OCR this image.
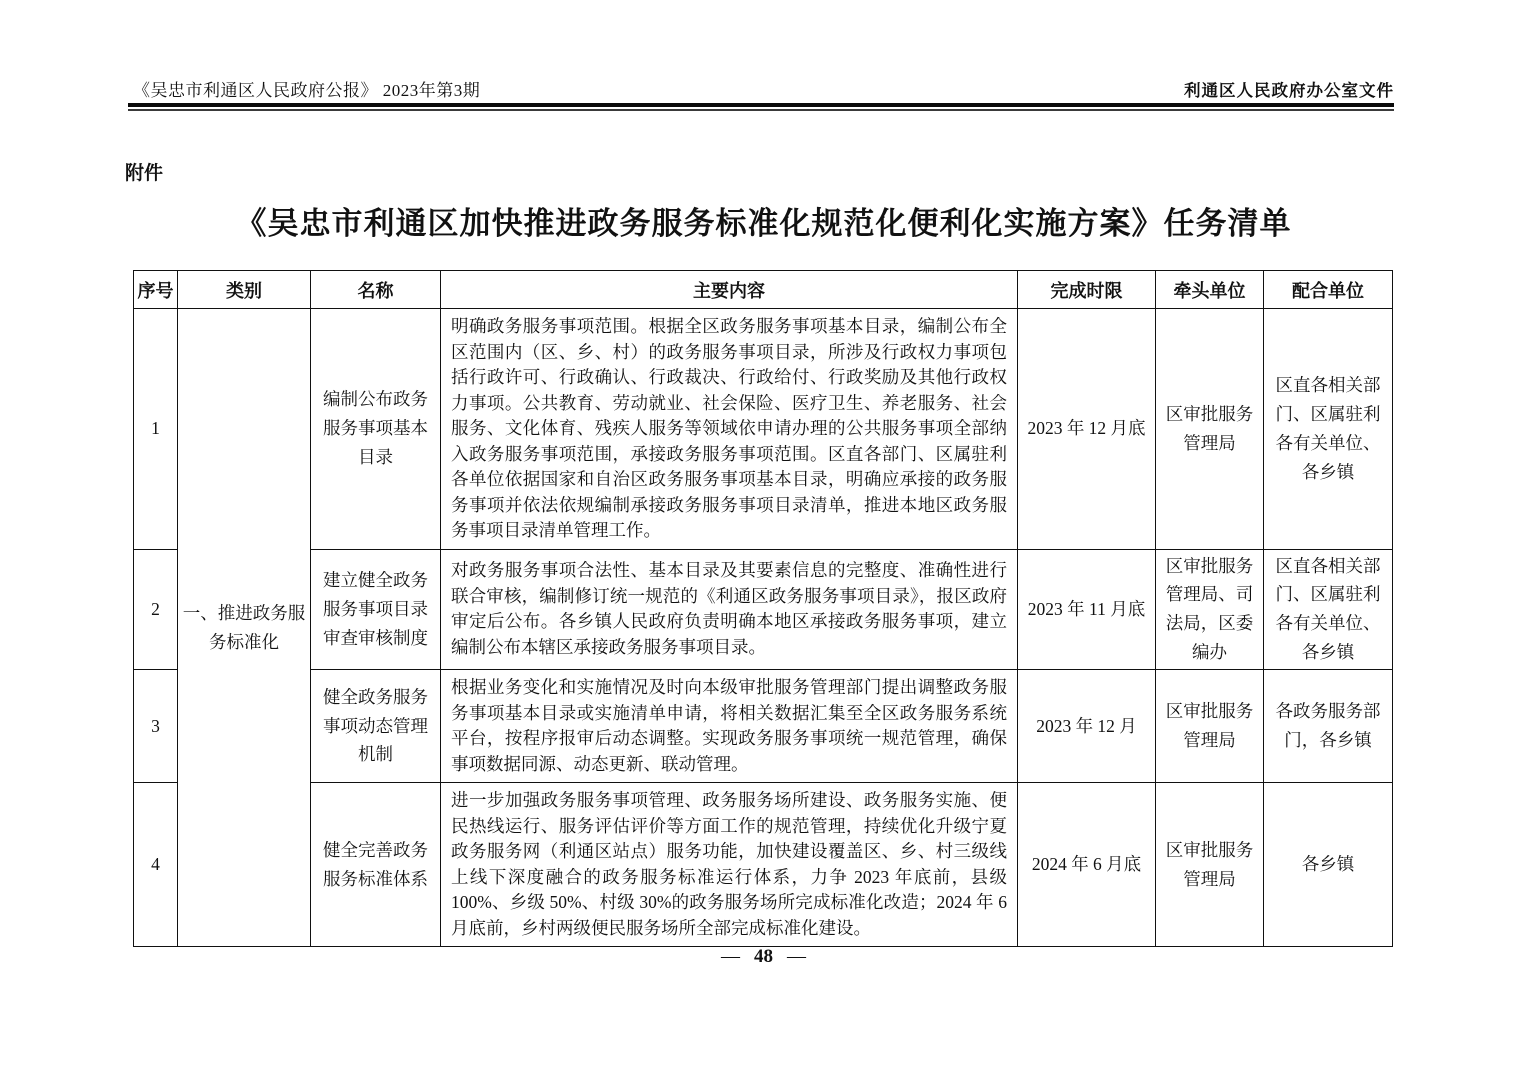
《吴忠市利通区人民政府公报》 2023年第3期	利通区人民政府办公室文件
附件
《吴忠市利通区加快推进政务服务标准化规范化便利化实施方案》任务清单
序号	类别	名称	主要内容	完成时限	牵头单位	配合单位
1	一、推进政务服务标准化	编制公布政务服务事项基本目录	明确政务服务事项范围。根据全区政务服务事项基本目录，编制公布全区范围内（区、乡、村）的政务服务事项目录，所涉及行政权力事项包括行政许可、行政确认、行政裁决、行政给付、行政奖励及其他行政权力事项。公共教育、劳动就业、社会保险、医疗卫生、养老服务、社会服务、文化体育、残疾人服务等领域依申请办理的公共服务事项全部纳入政务服务事项范围，承接政务服务事项范围。区直各部门、区属驻利各单位依据国家和自治区政务服务事项基本目录，明确应承接的政务服务事项并依法依规编制承接政务服务事项目录清单，推进本地区政务服务事项目录清单管理工作。	2023 年 12 月底	区审批服务管理局	区直各相关部门、区属驻利各有关单位、各乡镇
2		建立健全政务服务事项目录审查审核制度	对政务服务事项合法性、基本目录及其要素信息的完整度、准确性进行联合审核，编制修订统一规范的《利通区政务服务事项目录》，报区政府审定后公布。各乡镇人民政府负责明确本地区承接政务服务事项，建立编制公布本辖区承接政务服务事项目录。	2023 年 11 月底	区审批服务管理局、司法局，区委编办	区直各相关部门、区属驻利各有关单位、各乡镇
3		健全政务服务事项动态管理机制	根据业务变化和实施情况及时向本级审批服务管理部门提出调整政务服务事项基本目录或实施清单申请，将相关数据汇集至全区政务服务系统平台，按程序报审后动态调整。实现政务服务事项统一规范管理，确保事项数据同源、动态更新、联动管理。	2023 年 12 月	区审批服务管理局	各政务服务部门，各乡镇
4		健全完善政务服务标准体系	进一步加强政务服务事项管理、政务服务场所建设、政务服务实施、便民热线运行、服务评估评价等方面工作的规范管理，持续优化升级宁夏政务服务网（利通区站点）服务功能，加快建设覆盖区、乡、村三级线上线下深度融合的政务服务标准运行体系，力争 2023 年底前，县级 100%、乡级 50%、村级 30%的政务服务场所完成标准化改造；2024 年 6 月底前，乡村两级便民服务场所全部完成标准化建设。	2024 年 6 月底	区审批服务管理局	各乡镇
— 48 —
